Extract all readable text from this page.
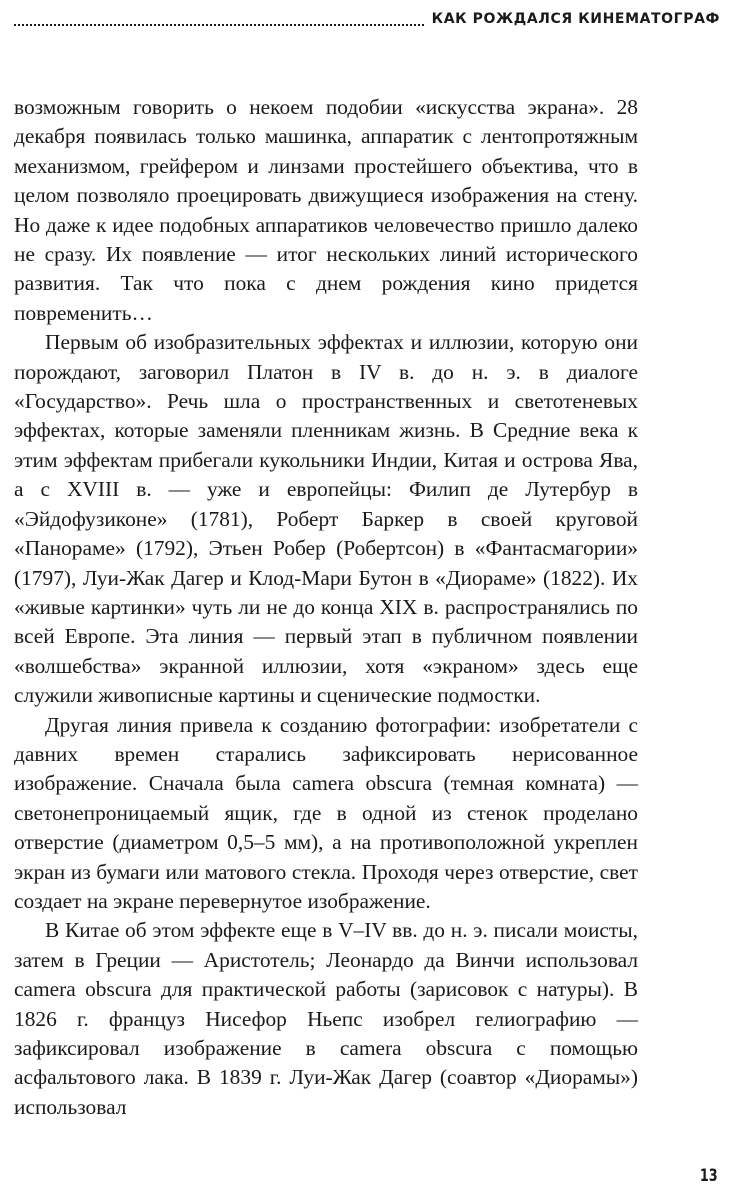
КАК РОЖДАЛСЯ КИНЕМАТОГРАФ

возможным говорить о некоем подобии «искусства экрана». 28 декабря появилась только машинка, аппаратик с лентопротяжным механизмом, грейфером и линзами простейшего объектива, что в целом позволяло проецировать движущиеся изображения на стену. Но даже к идее подобных аппаратиков человечество пришло далеко не сразу. Их появление — итог нескольких линий исторического развития. Так что пока с днем рождения кино придется повременить…

Первым об изобразительных эффектах и иллюзии, которую они порождают, заговорил Платон в IV в. до н. э. в диалоге «Государство». Речь шла о пространственных и светотеневых эффектах, которые заменяли пленникам жизнь. В Средние века к этим эффектам прибегали кукольники Индии, Китая и острова Ява, а с XVIII в. — уже и европейцы: Филип де Лутербур в «Эйдофузиконе» (1781), Роберт Баркер в своей круговой «Панораме» (1792), Этьен Робер (Робертсон) в «Фантасмагории» (1797), Луи-Жак Дагер и Клод-Мари Бутон в «Диораме» (1822). Их «живые картинки» чуть ли не до конца XIX в. распространялись по всей Европе. Эта линия — первый этап в публичном появлении «волшебства» экранной иллюзии, хотя «экраном» здесь еще служили живописные картины и сценические подмостки.

Другая линия привела к созданию фотографии: изобретатели с давних времен старались зафиксировать нерисованное изображение. Сначала была camera obscura (темная комната) — светонепроницаемый ящик, где в одной из стенок проделано отверстие (диаметром 0,5–5 мм), а на противоположной укреплен экран из бумаги или матового стекла. Проходя через отверстие, свет создает на экране перевернутое изображение.

В Китае об этом эффекте еще в V–IV вв. до н. э. писали моисты, затем в Греции — Аристотель; Леонардо да Винчи использовал camera obscura для практической работы (зарисовок с натуры). В 1826 г. француз Нисефор Ньепс изобрел гелиографию — зафиксировал изображение в camera obscura с помощью асфальтового лака. В 1839 г. Луи-Жак Дагер (соавтор «Диорамы») использовал

13
